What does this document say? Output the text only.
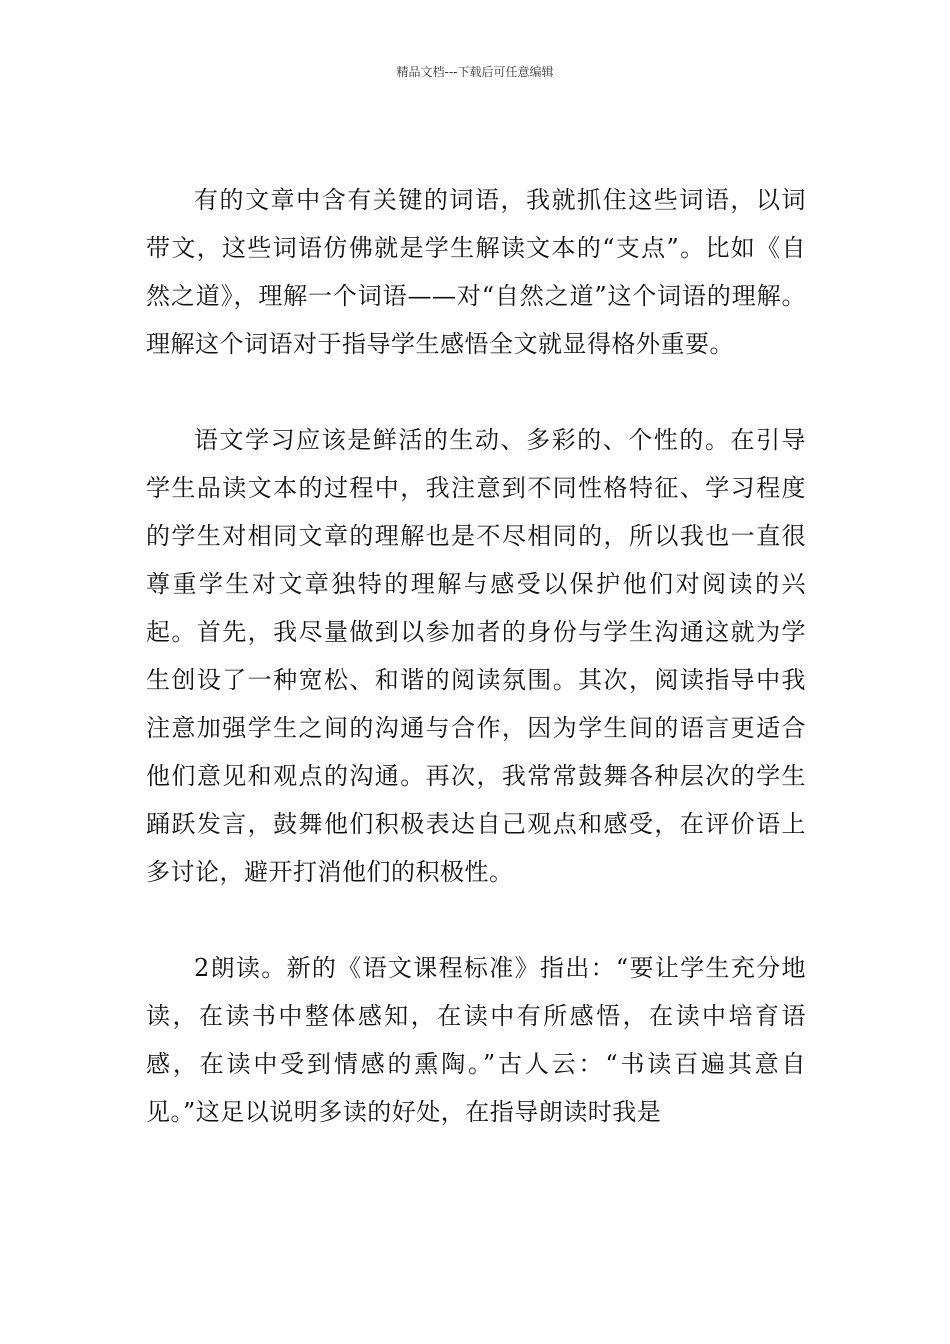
精品文档---下载后可任意编辑

有的文章中含有关键的词语，我就抓住这些词语，以词带文，这些词语仿佛就是学生解读文本的“支点”。比如《自然之道》，理解一个词语——对“自然之道”这个词语的理解。理解这个词语对于指导学生感悟全文就显得格外重要。

语文学习应该是鲜活的生动、多彩的、个性的。在引导学生品读文本的过程中，我注意到不同性格特征、学习程度的学生对相同文章的理解也是不尽相同的，所以我也一直很尊重学生对文章独特的理解与感受以保护他们对阅读的兴起。首先，我尽量做到以参加者的身份与学生沟通这就为学生创设了一种宽松、和谐的阅读氛围。其次，阅读指导中我注意加强学生之间的沟通与合作，因为学生间的语言更适合他们意见和观点的沟通。再次，我常常鼓舞各种层次的学生踊跃发言，鼓舞他们积极表达自己观点和感受，在评价语上多讨论，避开打消他们的积极性。

2朗读。新的《语文课程标准》指出：“要让学生充分地读，在读书中整体感知，在读中有所感悟，在读中培育语感，在读中受到情感的熏陶。”古人云：“书读百遍其意自见。”这足以说明多读的好处，在指导朗读时我是
